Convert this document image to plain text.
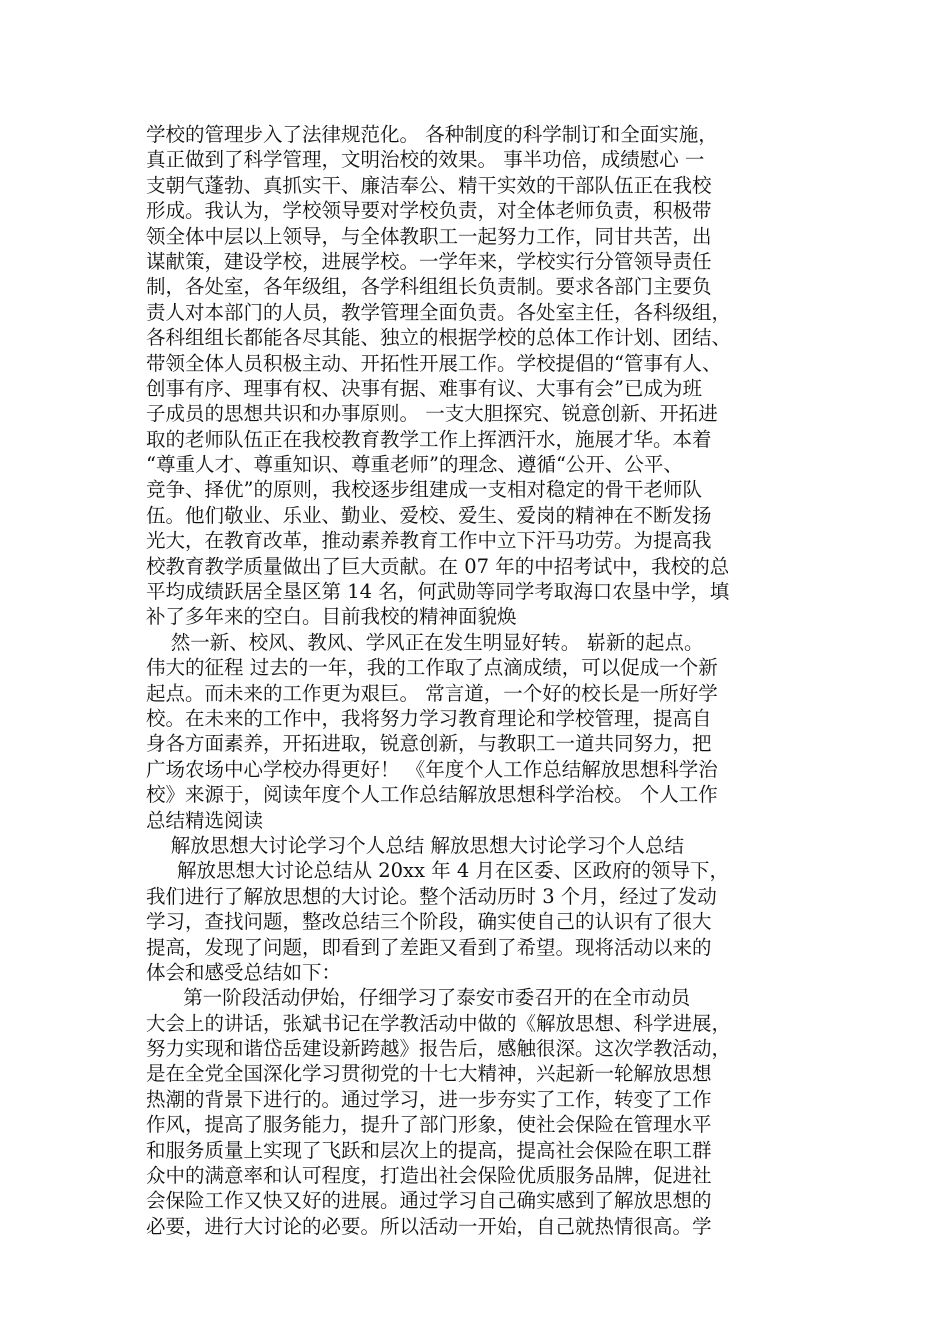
学校的管理步入了法律规范化。 各种制度的科学制订和全面实施，
真正做到了科学管理，文明治校的效果。 事半功倍，成绩慰心 一
支朝气蓬勃、真抓实干、廉洁奉公、精干实效的干部队伍正在我校
形成。我认为，学校领导要对学校负责，对全体老师负责，积极带
领全体中层以上领导，与全体教职工一起努力工作，同甘共苦，出
谋献策，建设学校，进展学校。一学年来，学校实行分管领导责任
制，各处室，各年级组，各学科组组长负责制。要求各部门主要负
责人对本部门的人员，教学管理全面负责。各处室主任，各科级组，
各科组组长都能各尽其能、独立的根据学校的总体工作计划、团结、
带领全体人员积极主动、开拓性开展工作。学校提倡的“管事有人、
创事有序、理事有权、决事有据、难事有议、大事有会”已成为班
子成员的思想共识和办事原则。 一支大胆探究、锐意创新、开拓进
取的老师队伍正在我校教育教学工作上挥洒汗水，施展才华。本着
“尊重人才、尊重知识、尊重老师”的理念、遵循“公开、公平、
竞争、择优”的原则，我校逐步组建成一支相对稳定的骨干老师队
伍。他们敬业、乐业、勤业、爱校、爱生、爱岗的精神在不断发扬
光大，在教育改革，推动素养教育工作中立下汗马功劳。为提高我
校教育教学质量做出了巨大贡献。在 07 年的中招考试中，我校的总
平均成绩跃居全垦区第 14 名，何武勋等同学考取海口农垦中学，填
补了多年来的空白。目前我校的精神面貌焕
然一新、校风、教风、学风正在发生明显好转。 崭新的起点。
伟大的征程 过去的一年，我的工作取了点滴成绩，可以促成一个新
起点。而未来的工作更为艰巨。 常言道，一个好的校长是一所好学
校。在未来的工作中，我将努力学习教育理论和学校管理，提高自
身各方面素养，开拓进取，锐意创新，与教职工一道共同努力，把
广场农场中心学校办得更好！ 《年度个人工作总结解放思想科学治
校》来源于，阅读年度个人工作总结解放思想科学治校。 个人工作
总结精选阅读
解放思想大讨论学习个人总结 解放思想大讨论学习个人总结
解放思想大讨论总结从 20xx 年 4 月在区委、区政府的领导下，
我们进行了解放思想的大讨论。整个活动历时 3 个月，经过了发动
学习，查找问题，整改总结三个阶段，确实使自己的认识有了很大
提高，发现了问题，即看到了差距又看到了希望。现将活动以来的
体会和感受总结如下：
第一阶段活动伊始，仔细学习了泰安市委召开的在全市动员
大会上的讲话，张斌书记在学教活动中做的《解放思想、科学进展，
努力实现和谐岱岳建设新跨越》报告后，感触很深。这次学教活动，
是在全党全国深化学习贯彻党的十七大精神，兴起新一轮解放思想
热潮的背景下进行的。通过学习，进一步夯实了工作，转变了工作
作风，提高了服务能力，提升了部门形象，使社会保险在管理水平
和服务质量上实现了飞跃和层次上的提高，提高社会保险在职工群
众中的满意率和认可程度，打造出社会保险优质服务品牌，促进社
会保险工作又快又好的进展。通过学习自己确实感到了解放思想的
必要，进行大讨论的必要。所以活动一开始，自己就热情很高。学
